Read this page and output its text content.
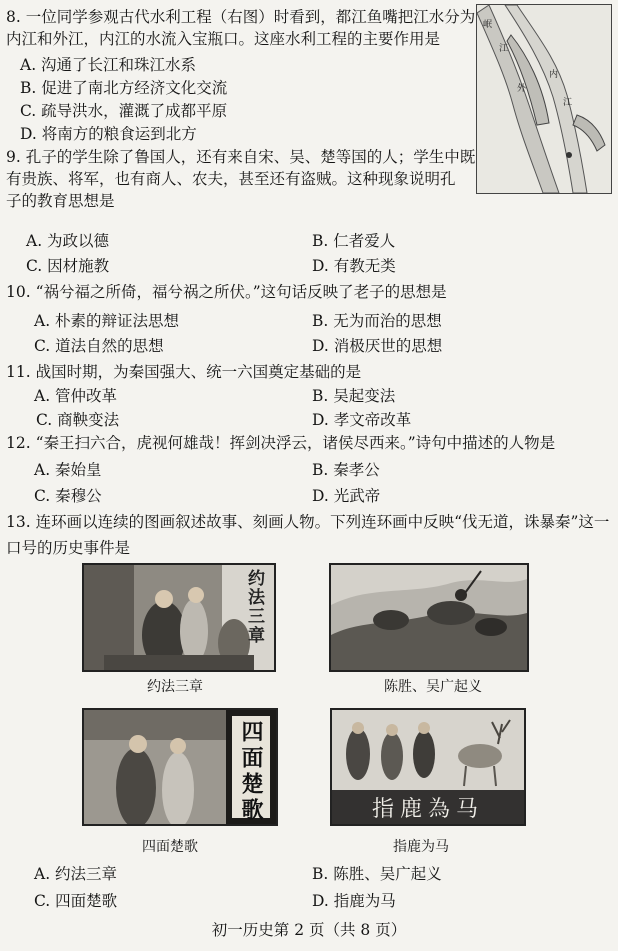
8. 一位同学参观古代水利工程（右图）时看到，都江鱼嘴把江水分为
内江和外江，内江的水流入宝瓶口。这座水利工程的主要作用是
A. 沟通了长江和珠江水系
B. 促进了南北方经济文化交流
C. 疏导洪水，灌溉了成都平原
D. 将南方的粮食运到北方
岷
江
外
内
江
9. 孔子的学生除了鲁国人，还有来自宋、吴、楚等国的人；学生中既
有贵族、将军，也有商人、农夫，甚至还有盗贼。这种现象说明孔
子的教育思想是
A. 为政以德	B. 仁者爱人
C. 因材施教	D. 有教无类
10. “祸兮福之所倚，福兮祸之所伏。”这句话反映了老子的思想是
A. 朴素的辩证法思想	B. 无为而治的思想
C. 道法自然的思想	D. 消极厌世的思想
11. 战国时期，为秦国强大、统一六国奠定基础的是
A. 管仲改革	B. 吴起变法
C. 商鞅变法	D. 孝文帝改革
12. “秦王扫六合，虎视何雄哉！挥剑决浮云，诸侯尽西来。”诗句中描述的人物是
A. 秦始皇	B. 秦孝公
C. 秦穆公	D. 光武帝
13. 连环画以连续的图画叙述故事、刻画人物。下列连环画中反映“伐无道，诛暴秦”这一
口号的历史事件是
约法三章
约法三章	陈胜、吴广起义
四面楚歌
四面楚歌
指鹿為马
指鹿为马
A. 约法三章	B. 陈胜、吴广起义
C. 四面楚歌	D. 指鹿为马
初一历史第 2 页（共 8 页）
